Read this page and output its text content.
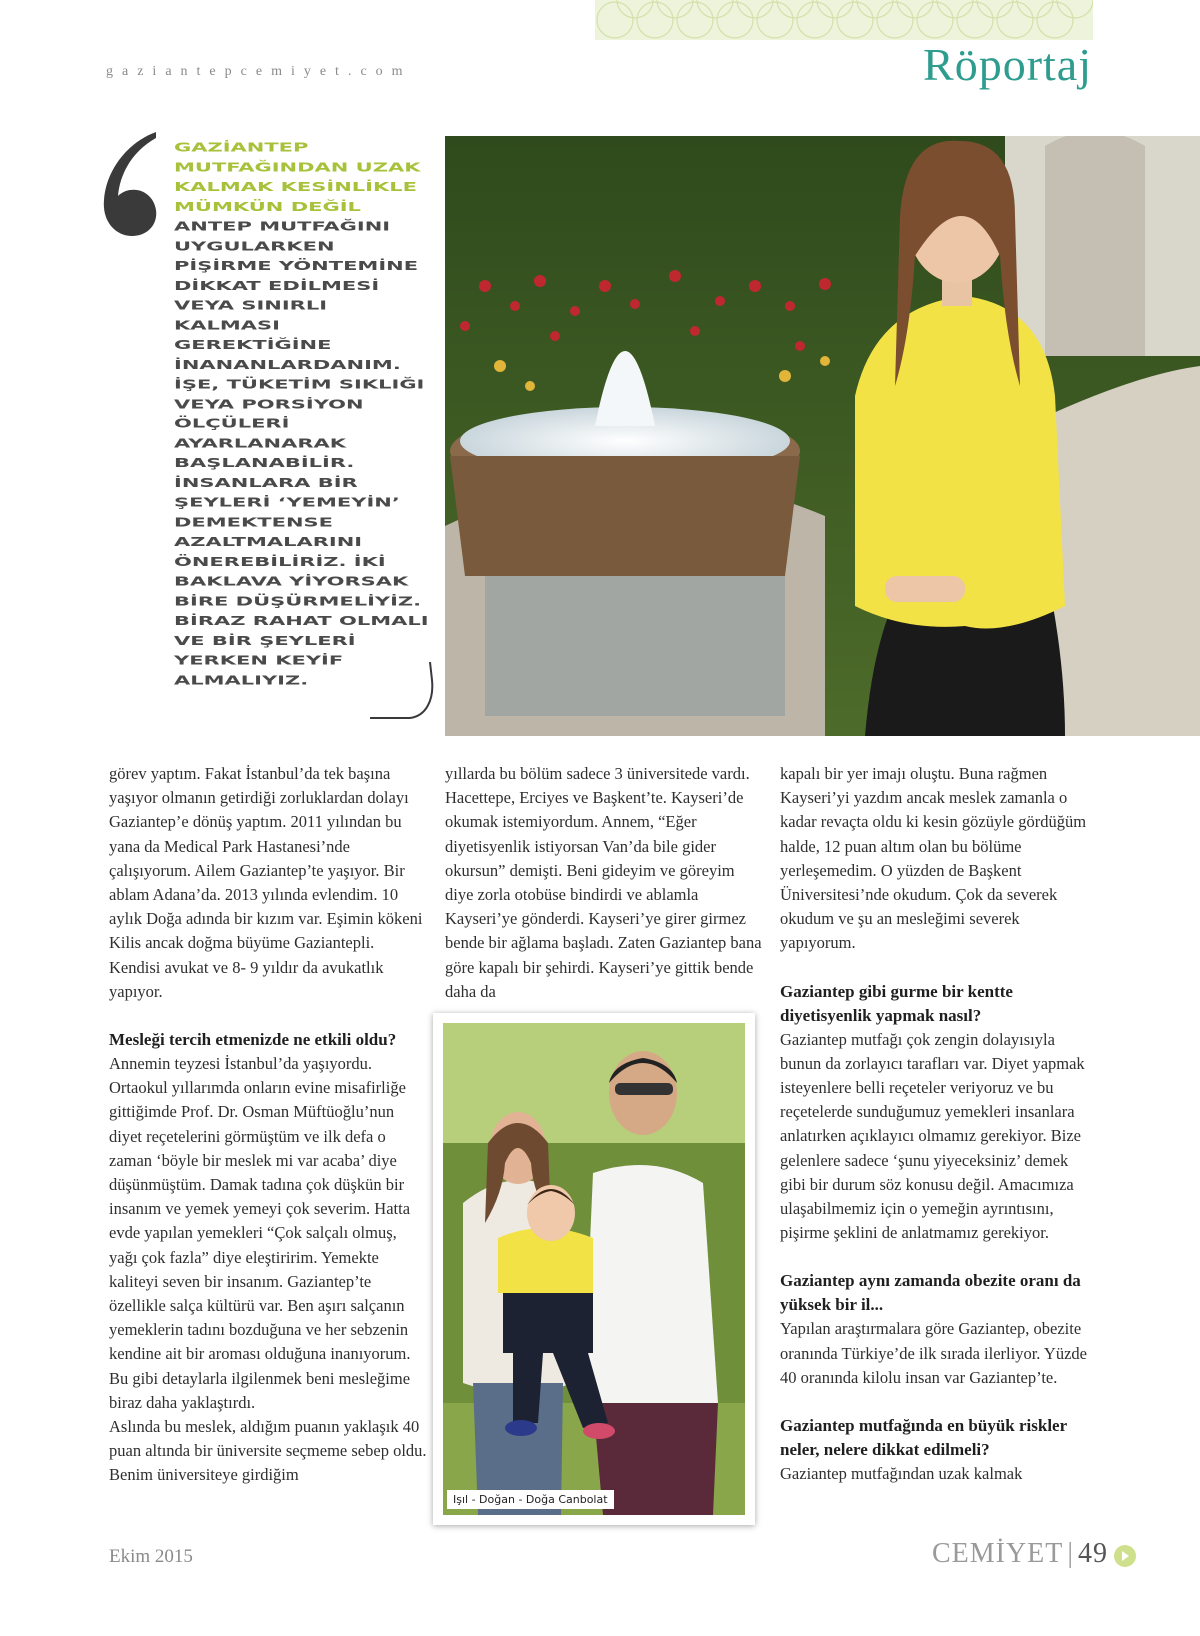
gaziantepcemiyet.com	Röportaj

GAZİANTEP MUTFAĞINDAN UZAK KALMAK KESİNLİKLE MÜMKÜN DEĞİL

ANTEP MUTFAĞINI UYGULARKEN PİŞİRME YÖNTEMİNE DİKKAT EDİLMESİ VEYA SINIRLI KALMASI GEREKTİĞİNE İNANANLARDANIM. İŞE, TÜKETİM SIKLIĞI VEYA PORSİYON ÖLÇÜLERİ AYARLANARAK BAŞLANABİLİR. İNSANLARA BİR ŞEYLERİ ‘YEMEYİN’ DEMEKTENSE AZALTMALARINI ÖNEREBİLİRİZ. İKİ BAKLAVA YİYORSAK BİRE DÜŞÜRMELİYİZ. BİRAZ RAHAT OLMALI VE BİR ŞEYLERİ YERKEN KEYİF ALMALIYIZ.

görev yaptım. Fakat İstanbul’da tek başına yaşıyor olmanın getirdiği zorluklardan dolayı Gaziantep’e dönüş yaptım. 2011 yılından bu yana da Medical Park Hastanesi’nde çalışıyorum. Ailem Gaziantep’te yaşıyor. Bir ablam Adana’da. 2013 yılında evlendim. 10 aylık Doğa adında bir kızım var. Eşimin kökeni Kilis ancak doğma büyüme Gaziantepli. Kendisi avukat ve 8- 9 yıldır da avukatlık yapıyor.

Mesleği tercih etmenizde ne etkili oldu?

Annemin teyzesi İstanbul’da yaşıyordu. Ortaokul yıllarımda onların evine misafirliğe gittiğimde Prof. Dr. Osman Müftüoğlu’nun diyet reçetelerini görmüştüm ve ilk defa o zaman ‘böyle bir meslek mi var acaba’ diye düşünmüştüm. Damak tadına çok düşkün bir insanım ve yemek yemeyi çok severim. Hatta evde yapılan yemekleri “Çok salçalı olmuş, yağı çok fazla” diye eleştiririm. Yemekte kaliteyi seven bir insanım. Gaziantep’te özellikle salça kültürü var. Ben aşırı salçanın yemeklerin tadını bozduğuna ve her sebzenin kendine ait bir aroması olduğuna inanıyorum. Bu gibi detaylarla ilgilenmek beni mesleğime biraz daha yaklaştırdı.

Aslında bu meslek, aldığım puanın yaklaşık 40 puan altında bir üniversite seçmeme sebep oldu. Benim üniversiteye girdiğim

yıllarda bu bölüm sadece 3 üniversitede vardı. Hacettepe, Erciyes ve Başkent’te. Kayseri’de okumak istemiyordum. Annem, “Eğer diyetisyenlik istiyorsan Van’da bile gider okursun” demişti. Beni gideyim ve göreyim diye zorla otobüse bindirdi ve ablamla Kayseri’ye gönderdi. Kayseri’ye girer girmez bende bir ağlama başladı. Zaten Gaziantep bana göre kapalı bir şehirdi. Kayseri’ye gittik bende daha da

kapalı bir yer imajı oluştu. Buna rağmen Kayseri’yi yazdım ancak meslek zamanla o kadar revaçta oldu ki kesin gözüyle gördüğüm halde, 12 puan altım olan bu bölüme yerleşemedim. O yüzden de Başkent Üniversitesi’nde okudum. Çok da severek okudum ve şu an mesleğimi severek yapıyorum.

Gaziantep gibi gurme bir kentte diyetisyenlik yapmak nasıl?

Gaziantep mutfağı çok zengin dolayısıyla bunun da zorlayıcı tarafları var. Diyet yapmak isteyenlere belli reçeteler veriyoruz ve bu reçetelerde sunduğumuz yemekleri insanlara anlatırken açıklayıcı olmamız gerekiyor. Bize gelenlere sadece ‘şunu yiyeceksiniz’ demek gibi bir durum söz konusu değil. Amacımıza ulaşabilmemiz için o yemeğin ayrıntısını, pişirme şeklini de anlatmamız gerekiyor.

Gaziantep aynı zamanda obezite oranı da yüksek bir il...

Yapılan araştırmalara göre Gaziantep, obezite oranında Türkiye’de ilk sırada ilerliyor. Yüzde 40 oranında kilolu insan var Gaziantep’te.

Gaziantep mutfağında en büyük riskler neler, nelere dikkat edilmeli?

Gaziantep mutfağından uzak kalmak

Işıl - Doğan - Doğa Canbolat
Ekim 2015	CEMİYET | 49
